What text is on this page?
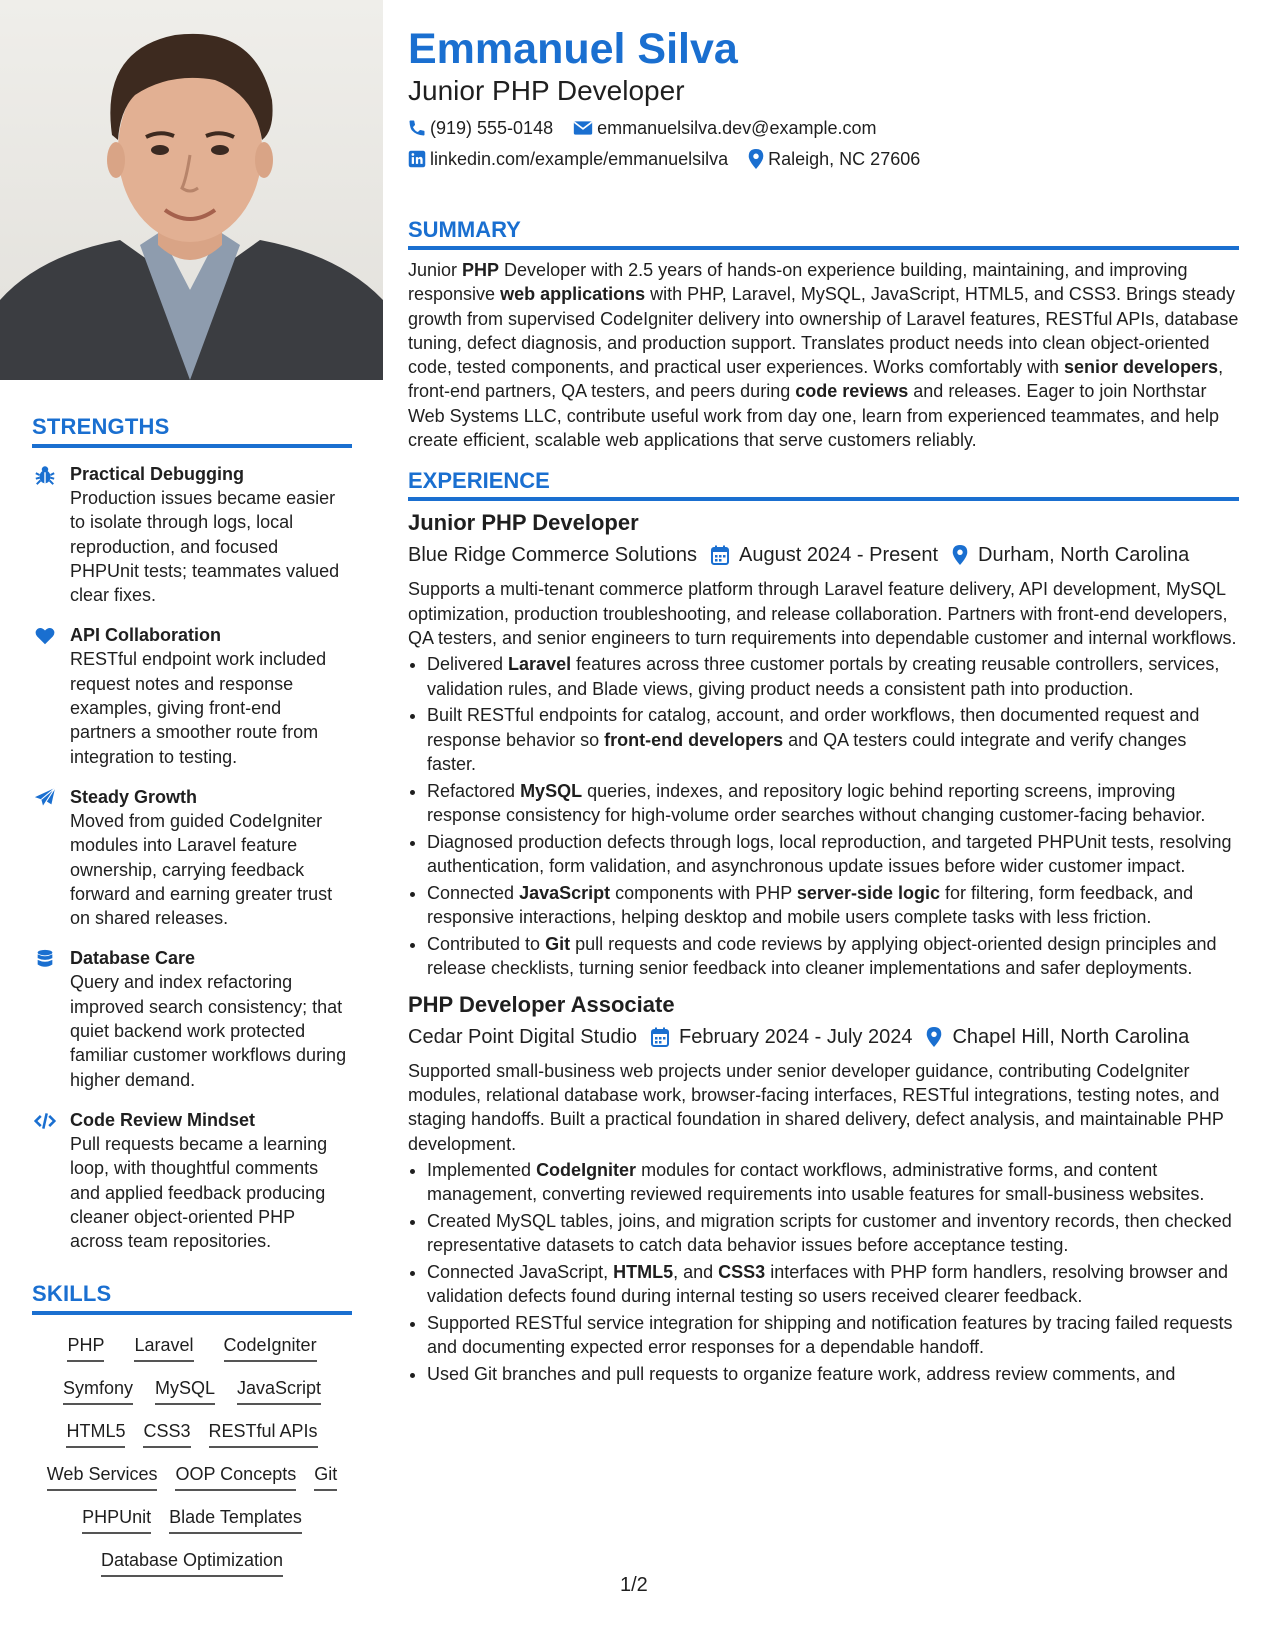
STRENGTHS
Practical Debugging
Production issues became easier to isolate through logs, local reproduction, and focused PHPUnit tests; teammates valued clear fixes.
API Collaboration
RESTful endpoint work included request notes and response examples, giving front-end partners a smoother route from integration to testing.
Steady Growth
Moved from guided CodeIgniter modules into Laravel feature ownership, carrying feedback forward and earning greater trust on shared releases.
Database Care
Query and index refactoring improved search consistency; that quiet backend work protected familiar customer workflows during higher demand.
Code Review Mindset
Pull requests became a learning loop, with thoughtful comments and applied feedback producing cleaner object-oriented PHP across team repositories.
SKILLS
PHP Laravel CodeIgniter
Symfony MySQL JavaScript
HTML5 CSS3 RESTful APIs
Web Services OOP Concepts Git
PHPUnit Blade Templates
Database Optimization
Emmanuel Silva
Junior PHP Developer
(919) 555-0148 emmanuelsilva.dev@example.com
linkedin.com/example/emmanuelsilva Raleigh, NC 27606
SUMMARY

Junior PHP Developer with 2.5 years of hands-on experience building, maintaining, and improving responsive web applications with PHP, Laravel, MySQL, JavaScript, HTML5, and CSS3. Brings steady growth from supervised CodeIgniter delivery into ownership of Laravel features, RESTful APIs, database tuning, defect diagnosis, and production support. Translates product needs into clean object-oriented code, tested components, and practical user experiences. Works comfortably with senior developers, front-end partners, QA testers, and peers during code reviews and releases. Eager to join Northstar Web Systems LLC, contribute useful work from day one, learn from experienced teammates, and help create efficient, scalable web applications that serve customers reliably.

EXPERIENCE
Junior PHP Developer
Blue Ridge Commerce Solutions August 2024 - Present Durham, North Carolina

Supports a multi-tenant commerce platform through Laravel feature delivery, API development, MySQL optimization, production troubleshooting, and release collaboration. Partners with front-end developers, QA testers, and senior engineers to turn requirements into dependable customer and internal workflows.

• Delivered Laravel features across three customer portals by creating reusable controllers, services, validation rules, and Blade views, giving product needs a consistent path into production.
• Built RESTful endpoints for catalog, account, and order workflows, then documented request and response behavior so front-end developers and QA testers could integrate and verify changes faster.
• Refactored MySQL queries, indexes, and repository logic behind reporting screens, improving response consistency for high-volume order searches without changing customer-facing behavior.
• Diagnosed production defects through logs, local reproduction, and targeted PHPUnit tests, resolving authentication, form validation, and asynchronous update issues before wider customer impact.
• Connected JavaScript components with PHP server-side logic for filtering, form feedback, and responsive interactions, helping desktop and mobile users complete tasks with less friction.
• Contributed to Git pull requests and code reviews by applying object-oriented design principles and release checklists, turning senior feedback into cleaner implementations and safer deployments.
PHP Developer Associate
Cedar Point Digital Studio February 2024 - July 2024 Chapel Hill, North Carolina

Supported small-business web projects under senior developer guidance, contributing CodeIgniter modules, relational database work, browser-facing interfaces, RESTful integrations, testing notes, and staging handoffs. Built a practical foundation in shared delivery, defect analysis, and maintainable PHP development.

• Implemented CodeIgniter modules for contact workflows, administrative forms, and content management, converting reviewed requirements into usable features for small-business websites.
• Created MySQL tables, joins, and migration scripts for customer and inventory records, then checked representative datasets to catch data behavior issues before acceptance testing.
• Connected JavaScript, HTML5, and CSS3 interfaces with PHP form handlers, resolving browser and validation defects found during internal testing so users received clearer feedback.
• Supported RESTful service integration for shipping and notification features by tracing failed requests and documenting expected error responses for a dependable handoff.
• Used Git branches and pull requests to organize feature work, address review comments, and
1/2
